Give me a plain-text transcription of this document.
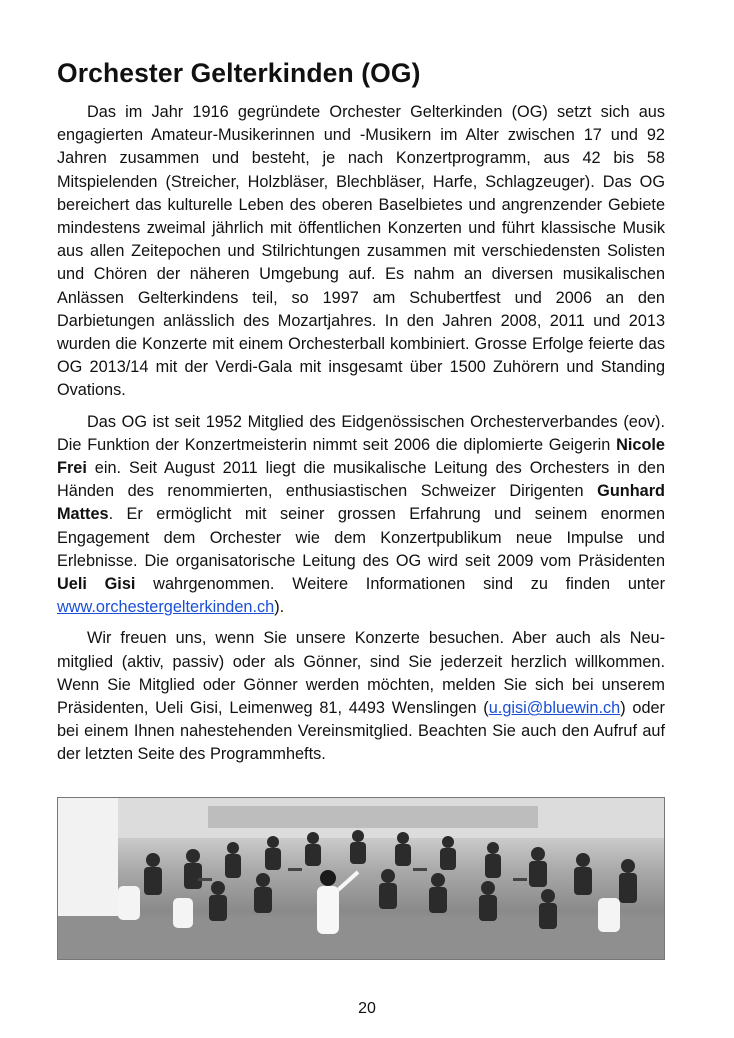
Orchester Gelterkinden (OG)

Das im Jahr 1916 gegründete Orchester Gelterkinden (OG) setzt sich aus engagierten Amateur-Musikerinnen und -Musikern im Alter zwischen 17 und 92 Jahren zusammen und besteht, je nach Konzertprogramm, aus 42 bis 58 Mitspielenden (Streicher, Holzbläser, Blechbläser, Harfe, Schlagzeuger). Das OG bereichert das kulturelle Leben des oberen Baselbietes und angrenzender Gebiete mindestens zweimal jährlich mit öffentlichen Konzerten und führt klassische Musik aus allen Zeitepochen und Stilrichtungen zusammen mit verschiedensten Solisten und Chören der näheren Umgebung auf. Es nahm an diversen musikalischen Anlässen Gelterkindens teil, so 1997 am Schubertfest und 2006 an den Darbietungen anlässlich des Mozartjahres. In den Jahren 2008, 2011 und 2013 wurden die Konzerte mit einem Orchesterball kombiniert. Grosse Erfolge feierte das OG 2013/14 mit der Verdi-Gala mit insgesamt über 1500 Zuhörern und Standing Ovations.

Das OG ist seit 1952 Mitglied des Eidgenössischen Orchesterverbandes (eov). Die Funktion der Konzertmeisterin nimmt seit 2006 die diplomierte Geigerin Nicole Frei ein. Seit August 2011 liegt die musikalische Leitung des Orchesters in den Händen des renommierten, enthusiastischen Schweizer Dirigenten Gunhard Mattes. Er ermöglicht mit seiner grossen Erfahrung und seinem enormen Engagement dem Orchester wie dem Konzertpublikum neue Impulse und Erlebnisse. Die organisatorische Leitung des OG wird seit 2009 vom Präsidenten Ueli Gisi wahrgenommen. Weitere Informationen sind zu finden unter www.orchestergelterkinden.ch).

Wir freuen uns, wenn Sie unsere Konzerte besuchen. Aber auch als Neumitglied (aktiv, passiv) oder als Gönner, sind Sie jederzeit herzlich willkommen. Wenn Sie Mitglied oder Gönner werden möchten, melden Sie sich bei unserem Präsidenten, Ueli Gisi, Leimenweg 81, 4493 Wenslingen (u.gisi@bluewin.ch) oder bei einem Ihnen nahestehenden Vereinsmitglied. Beachten Sie auch den Aufruf auf der letzten Seite des Programmhefts.

20
